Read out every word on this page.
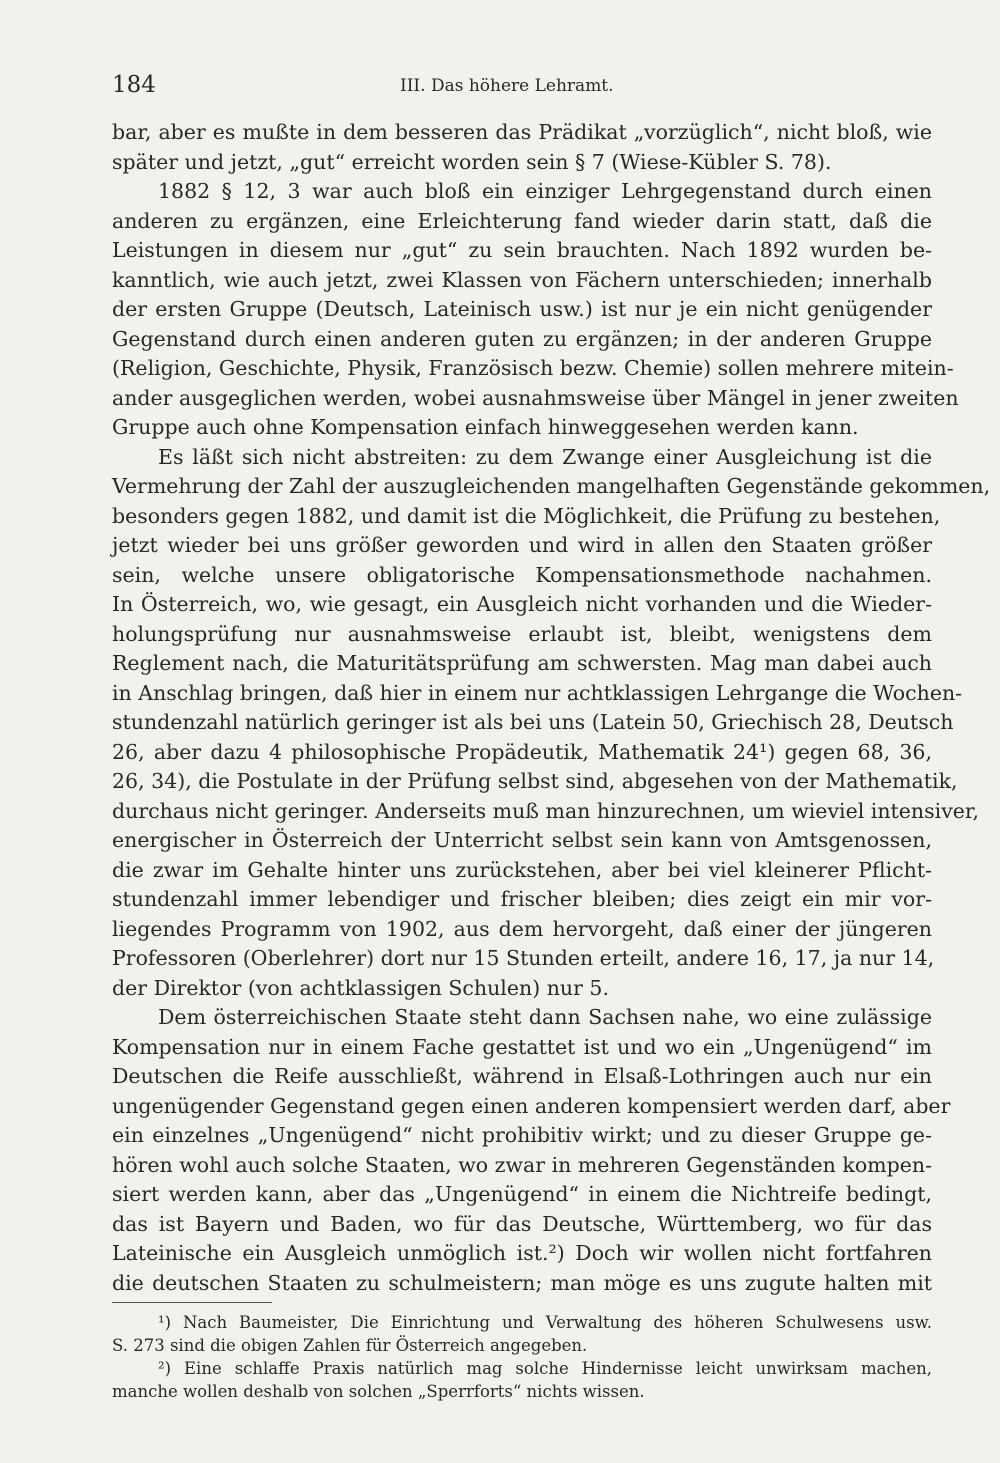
184	III. Das höhere Lehramt.
bar, aber es mußte in dem besseren das Prädikat „vorzüglich“, nicht bloß, wie
später und jetzt, „gut“ erreicht worden sein § 7 (Wiese-Kübler S. 78).
1882 § 12, 3 war auch bloß ein einziger Lehrgegenstand durch einen
anderen zu ergänzen, eine Erleichterung fand wieder darin statt, daß die
Leistungen in diesem nur „gut“ zu sein brauchten. Nach 1892 wurden be-
kanntlich, wie auch jetzt, zwei Klassen von Fächern unterschieden; innerhalb
der ersten Gruppe (Deutsch, Lateinisch usw.) ist nur je ein nicht genügender
Gegenstand durch einen anderen guten zu ergänzen; in der anderen Gruppe
(Religion, Geschichte, Physik, Französisch bezw. Chemie) sollen mehrere mitein-
ander ausgeglichen werden, wobei ausnahmsweise über Mängel in jener zweiten
Gruppe auch ohne Kompensation einfach hinweggesehen werden kann.
Es läßt sich nicht abstreiten: zu dem Zwange einer Ausgleichung ist die
Vermehrung der Zahl der auszugleichenden mangelhaften Gegenstände gekommen,
besonders gegen 1882, und damit ist die Möglichkeit, die Prüfung zu bestehen,
jetzt wieder bei uns größer geworden und wird in allen den Staaten größer
sein, welche unsere obligatorische Kompensationsmethode nachahmen.
In Österreich, wo, wie gesagt, ein Ausgleich nicht vorhanden und die Wieder-
holungsprüfung nur ausnahmsweise erlaubt ist, bleibt, wenigstens dem
Reglement nach, die Maturitätsprüfung am schwersten. Mag man dabei auch
in Anschlag bringen, daß hier in einem nur achtklassigen Lehrgange die Wochen-
stundenzahl natürlich geringer ist als bei uns (Latein 50, Griechisch 28, Deutsch
26, aber dazu 4 philosophische Propädeutik, Mathematik 24¹) gegen 68, 36,
26, 34), die Postulate in der Prüfung selbst sind, abgesehen von der Mathematik,
durchaus nicht geringer. Anderseits muß man hinzurechnen, um wieviel intensiver,
energischer in Österreich der Unterricht selbst sein kann von Amtsgenossen,
die zwar im Gehalte hinter uns zurückstehen, aber bei viel kleinerer Pflicht-
stundenzahl immer lebendiger und frischer bleiben; dies zeigt ein mir vor-
liegendes Programm von 1902, aus dem hervorgeht, daß einer der jüngeren
Professoren (Oberlehrer) dort nur 15 Stunden erteilt, andere 16, 17, ja nur 14,
der Direktor (von achtklassigen Schulen) nur 5.
Dem österreichischen Staate steht dann Sachsen nahe, wo eine zulässige
Kompensation nur in einem Fache gestattet ist und wo ein „Ungenügend“ im
Deutschen die Reife ausschließt, während in Elsaß-Lothringen auch nur ein
ungenügender Gegenstand gegen einen anderen kompensiert werden darf, aber
ein einzelnes „Ungenügend“ nicht prohibitiv wirkt; und zu dieser Gruppe ge-
hören wohl auch solche Staaten, wo zwar in mehreren Gegenständen kompen-
siert werden kann, aber das „Ungenügend“ in einem die Nichtreife bedingt,
das ist Bayern und Baden, wo für das Deutsche, Württemberg, wo für das
Lateinische ein Ausgleich unmöglich ist.²) Doch wir wollen nicht fortfahren
die deutschen Staaten zu schulmeistern; man möge es uns zugute halten mit
¹) Nach Baumeister, Die Einrichtung und Verwaltung des höheren Schulwesens usw.
S. 273 sind die obigen Zahlen für Österreich angegeben.
²) Eine schlaffe Praxis natürlich mag solche Hindernisse leicht unwirksam machen,
manche wollen deshalb von solchen „Sperrforts“ nichts wissen.
